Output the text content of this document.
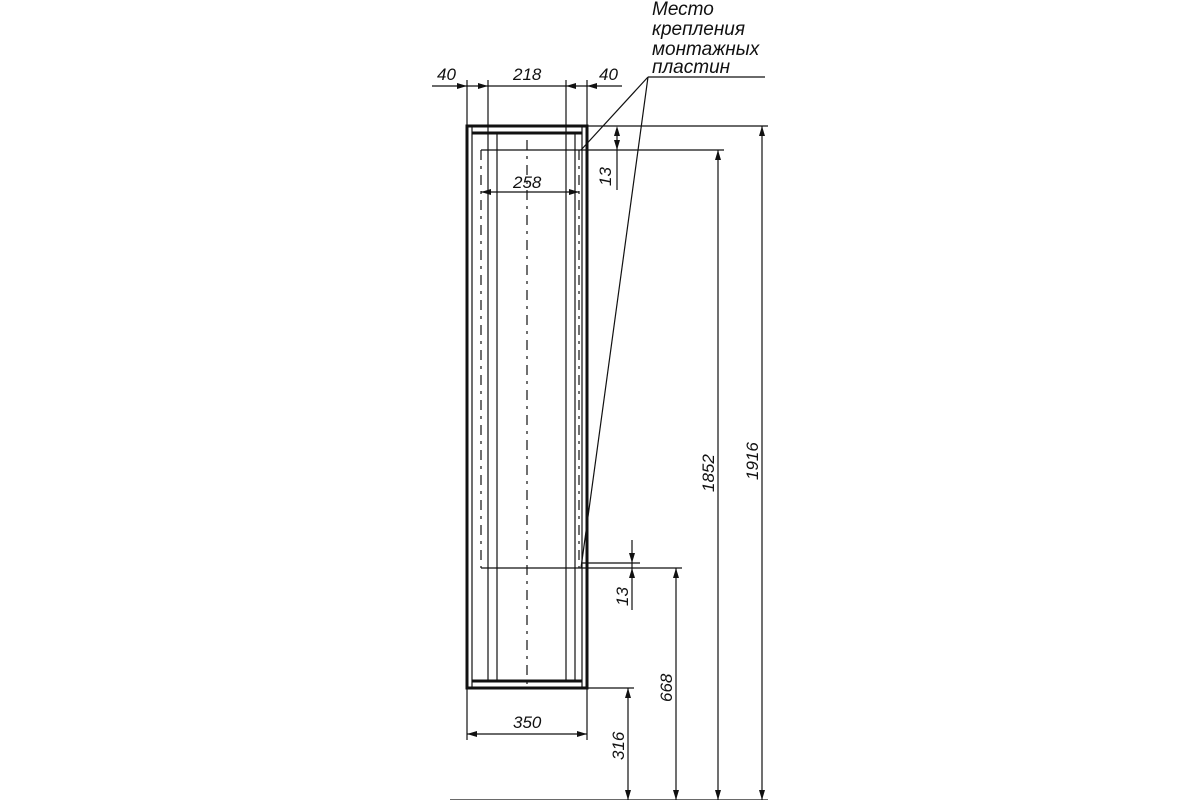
40	218	40
258
Место
крепления
монтажных
пластин
13
13
350
316
668
1852 1916
